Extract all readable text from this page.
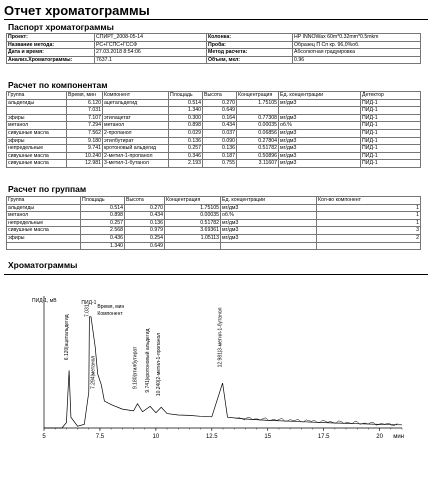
Отчет хроматограммы
Паспорт хроматограммы
Проект:	СПИРТ_2008-05-14	Колонка:	HP INNOWax 60m*0.32mm*0.5mkm
Название метода:	РС+ГСПС+ГССФ	Проба:	Образец П Сп кр. 96,0%об.
Дата и время:	27.03.2018 8:54:06	Метод расчета:	Абсолютная градуировка
Анализ.Хроматограммы:	7637.1	Объем, мкл:	0.96
Расчет по компонентам
Группа	Время, мин	Компонент	Площадь	Высота	Концентрация	Ед. концентрации	Детектор
альдегиды	6.120	ацетальдегид	0.514	0.270	1.75105	мг/дм3	ПИД-1
	7.031		1.340	0.649			ПИД-1
эфиры	7.107	этилацетат	0.300	0.164	0.77308	мг/дм3	ПИД-1
метанол	7.294	метанол	0.898	0.434	0.00035	об.%	ПИД-1
сивушные масла	7.562	2-пропанол	0.029	0.037	0.06856	мг/дм3	ПИД-1
эфиры	9.180	этилбутират	0.136	0.090	0.27804	мг/дм3	ПИД-1
непредельные	9.741	кротоновый альдегид	0.257	0.136	0.51782	мг/дм3	ПИД-1
сивушные масла	10.240	2-метил-1-пропанол	0.346	0.187	0.50896	мг/дм3	ПИД-1
сивушные масла	12.981	3-метил-1-бутанол	2.193	0.755	3.11607	мг/дм3	ПИД-1
Расчет по группам
Группа	Площадь	Высота	Концентрация	Ед. концентрации	Кол-во компонент
альдегиды	0.514	0.270	1.75105	мг/дм3	1
метанол	0.898	0.434	0.00035	об.%	1
непредельные	0.257	0.136	0.51782	мг/дм3	1
сивушные масла	2.568	0.979	3.69361	мг/дм3	3
эфиры	0.436	0.254	1.05113	мг/дм3	2
	1.340	0.649			
Хроматограммы
ПИД-1, мВ
5	7.5	10	12.5	15	17.5	20 мин
ПИД-1
Время, мин
Компонент
6.120|ацетальдегид
7.031
7.294|метанол	9.741|кротоновый альдегид 10.240|2-метил-1-пропанол	12.981|3-метил-1-бутанол
9.180|этилбутират
